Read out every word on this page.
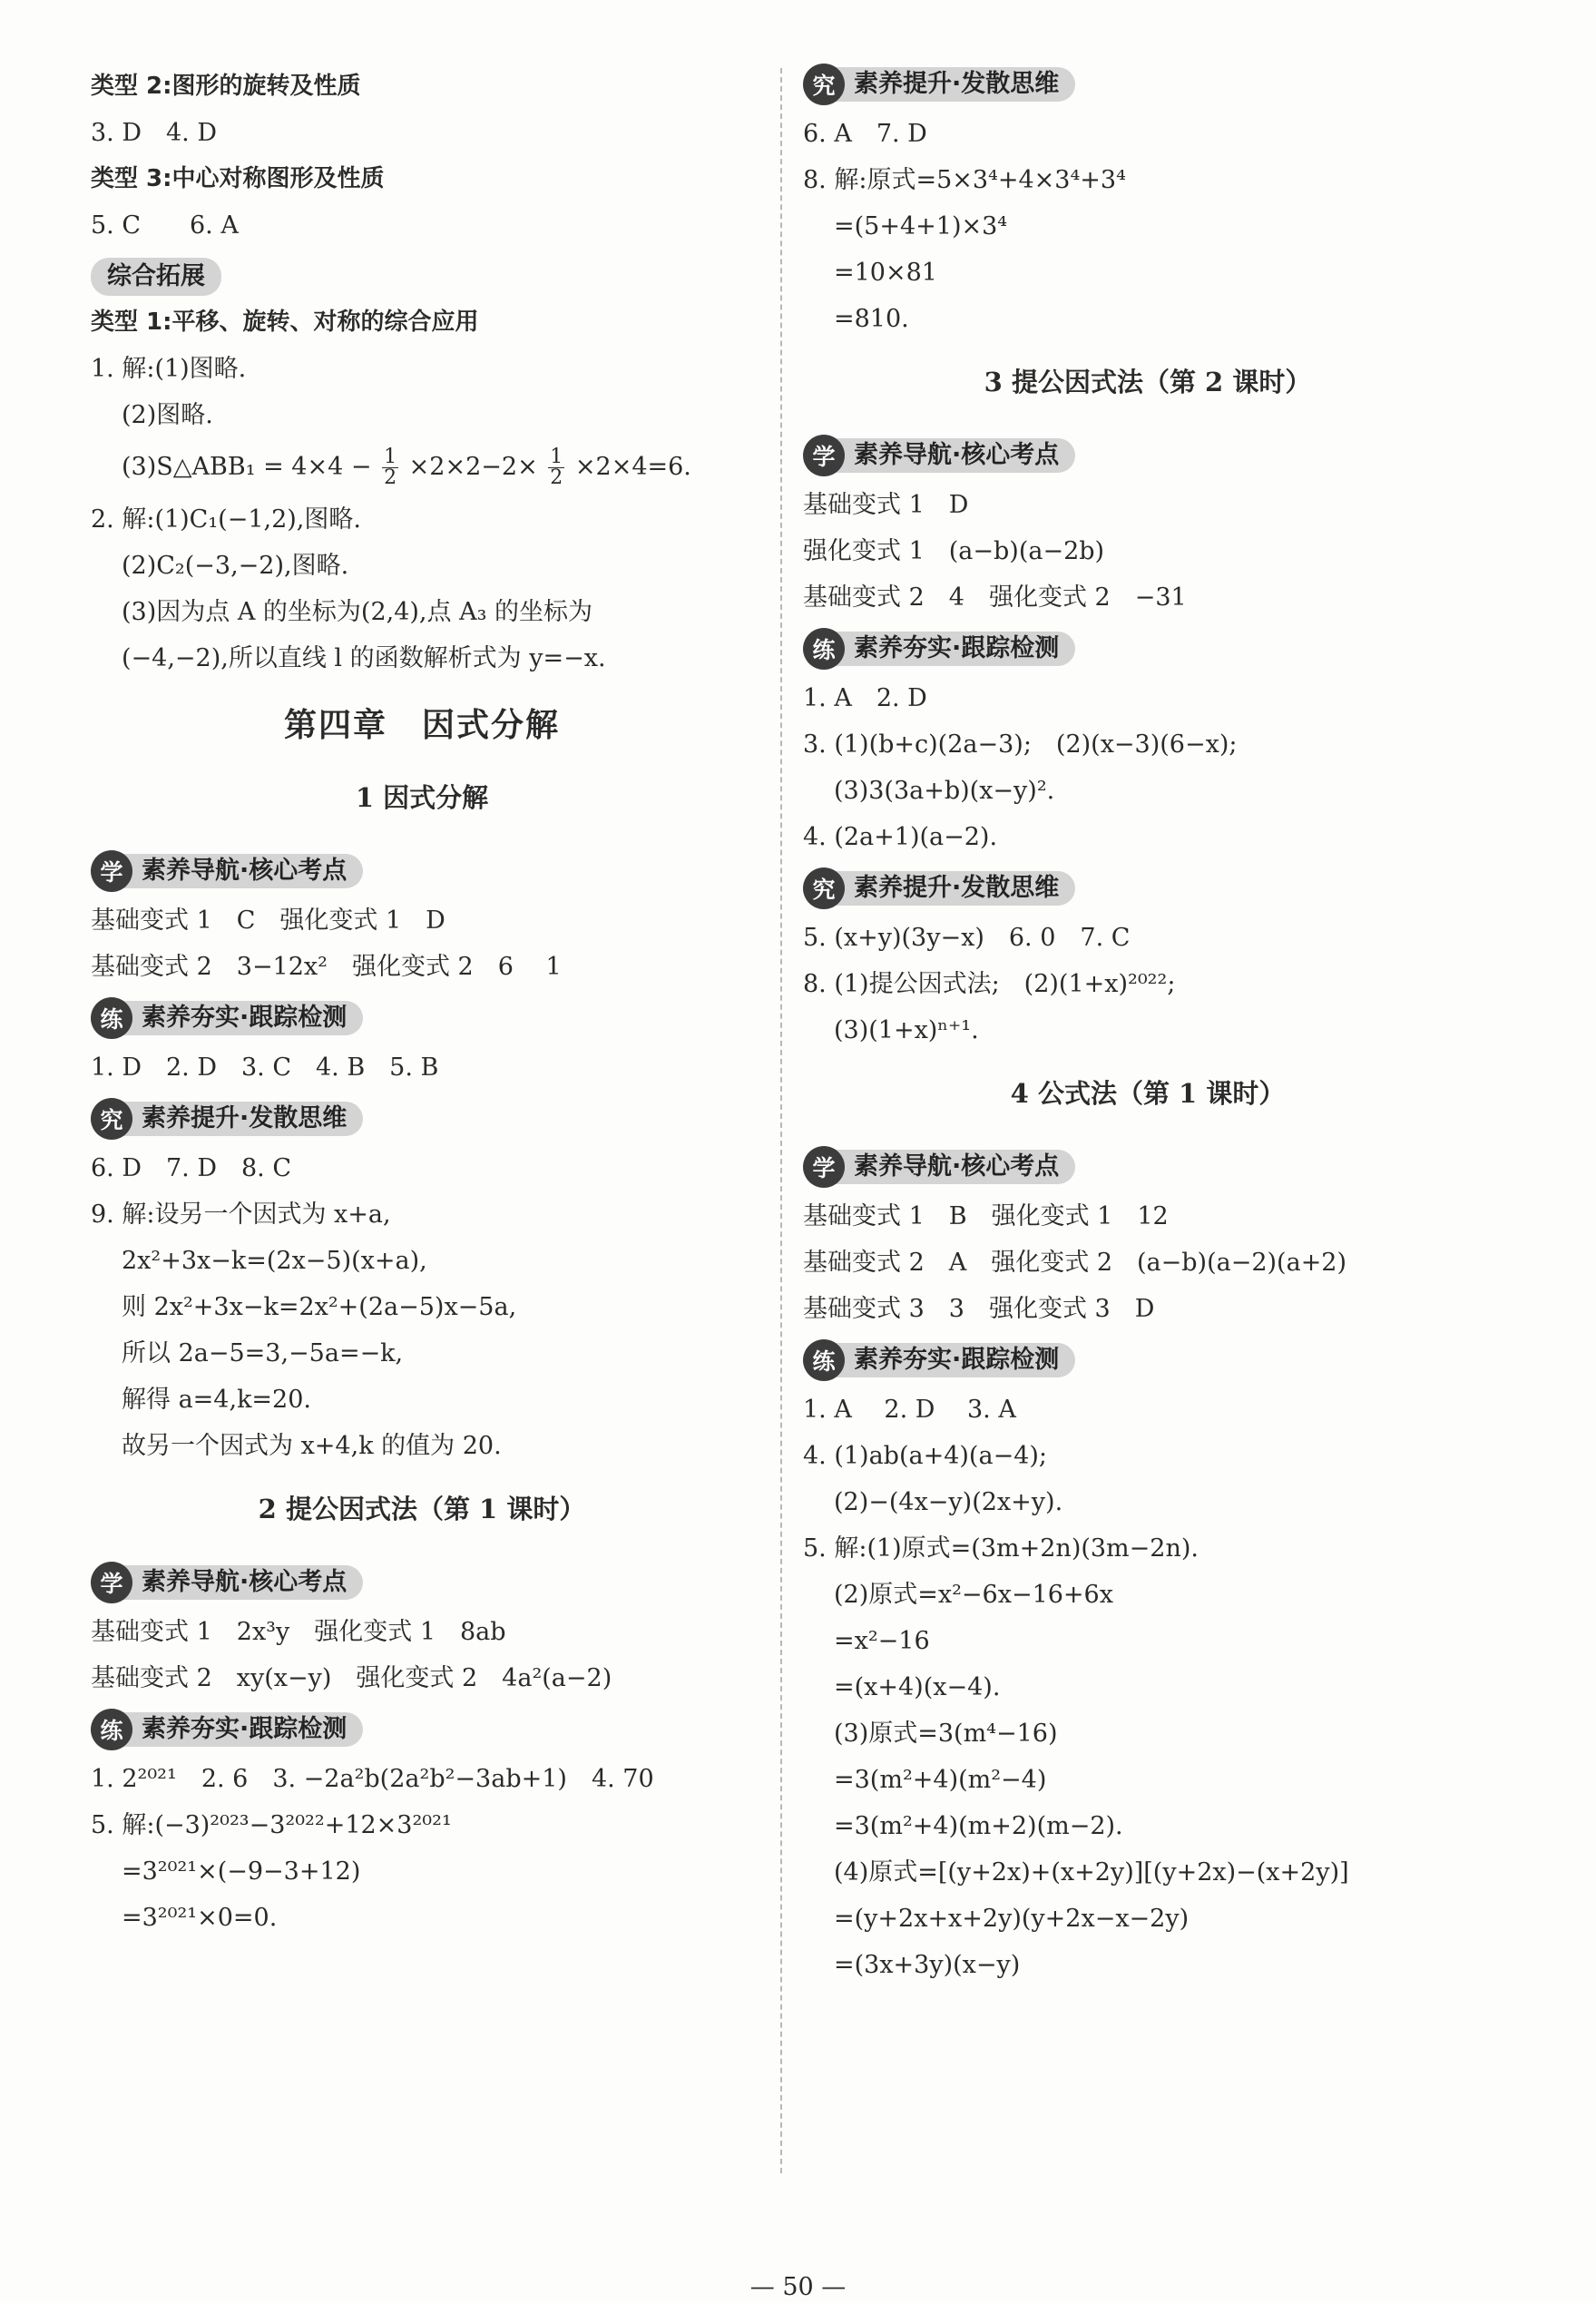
类型 2:图形的旋转及性质
3. D　4. D
类型 3:中心对称图形及性质
5. C　　6. A
综合拓展
类型 1:平移、旋转、对称的综合应用
1. 解:(1)图略.
(2)图略.
(3)S△ABB₁ = $4\times 4 - \frac{1}{2} \times 2\times 2-2\times \frac{1}{2} \times 2\times 4=6$.
2. 解:(1)C₁(−1,2),图略.
(2)C₂(−3,−2),图略.
(3)因为点 A 的坐标为(2,4),点 A₃ 的坐标为
(−4,−2),所以直线 l 的函数解析式为 y=−x.
第四章　因式分解
1 因式分解
学 素养导航·核心考点
基础变式 1　C　强化变式 1　D
基础变式 2　3−12x²　强化变式 2　6　 1
练 素养夯实·跟踪检测
1. D　2. D　3. C　4. B　5. B
究 素养提升·发散思维
6. D　7. D　8. C
9. 解:设另一个因式为 x+a,
2x²+3x−k=(2x−5)(x+a),
则 2x²+3x−k=2x²+(2a−5)x−5a,
所以 2a−5=3,−5a=−k,
解得 a=4,k=20.
故另一个因式为 x+4,k 的值为 20.
2 提公因式法（第 1 课时）
学 素养导航·核心考点
基础变式 1　2x³y　强化变式 1　8ab
基础变式 2　xy(x−y)　强化变式 2　4a²(a−2)
练 素养夯实·跟踪检测
1. 2²⁰²¹　2. 6　3. −2a²b(2a²b²−3ab+1)　4. 70
5. 解:(−3)²⁰²³−3²⁰²²+12×3²⁰²¹
=3²⁰²¹×(−9−3+12)
=3²⁰²¹×0=0.
究 素养提升·发散思维
6. A　7. D
8. 解:原式=5×3⁴+4×3⁴+3⁴
=(5+4+1)×3⁴
=10×81
=810.
3 提公因式法（第 2 课时）
学 素养导航·核心考点
基础变式 1　D
强化变式 1　(a−b)(a−2b)
基础变式 2　4　强化变式 2　−31
练 素养夯实·跟踪检测
1. A　2. D
3. (1)(b+c)(2a−3);　(2)(x−3)(6−x);
(3)3(3a+b)(x−y)².
4. (2a+1)(a−2).
究 素养提升·发散思维
5. (x+y)(3y−x)　6. 0　7. C
8. (1)提公因式法;　(2)(1+x)²⁰²²;
(3)(1+x)ⁿ⁺¹.
4 公式法（第 1 课时）
学 素养导航·核心考点
基础变式 1　B　强化变式 1　12
基础变式 2　A　强化变式 2　(a−b)(a−2)(a+2)
基础变式 3　3　强化变式 3　D
练 素养夯实·跟踪检测
1. A　 2. D　 3. A
4. (1)ab(a+4)(a−4);
(2)−(4x−y)(2x+y).
5. 解:(1)原式=(3m+2n)(3m−2n).
(2)原式=x²−6x−16+6x
=x²−16
=(x+4)(x−4).
(3)原式=3(m⁴−16)
=3(m²+4)(m²−4)
=3(m²+4)(m+2)(m−2).
(4)原式=[(y+2x)+(x+2y)][(y+2x)−(x+2y)]
=(y+2x+x+2y)(y+2x−x−2y)
=(3x+3y)(x−y)
— 50 —
